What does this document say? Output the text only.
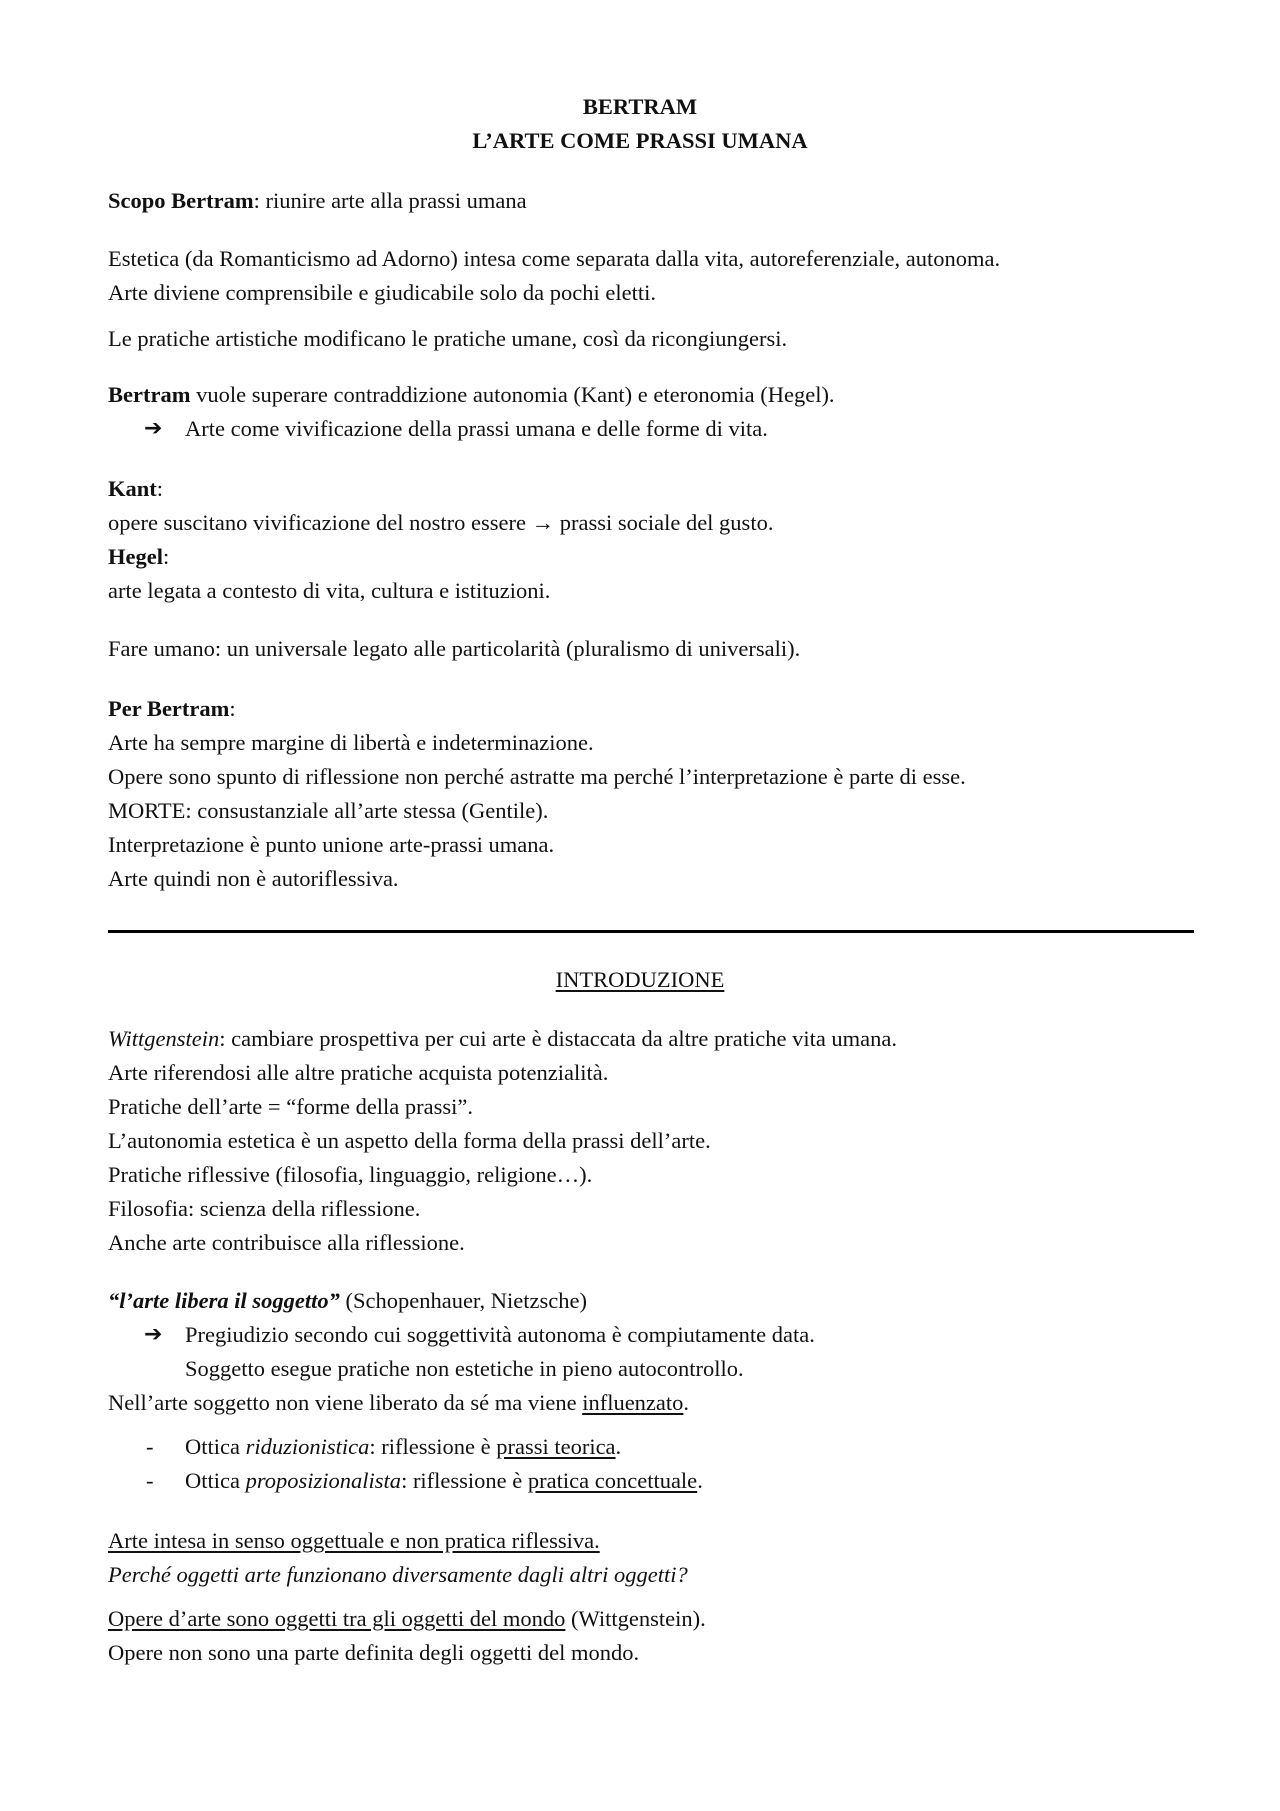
BERTRAM
L’ARTE COME PRASSI UMANA
Scopo Bertram: riunire arte alla prassi umana
Estetica (da Romanticismo ad Adorno) intesa come separata dalla vita, autoreferenziale, autonoma.
Arte diviene comprensibile e giudicabile solo da pochi eletti.
Le pratiche artistiche modificano le pratiche umane, così da ricongiungersi.
Bertram vuole superare contraddizione autonomia (Kant) e eteronomia (Hegel).
➔ Arte come vivificazione della prassi umana e delle forme di vita.
Kant:
opere suscitano vivificazione del nostro essere → prassi sociale del gusto.
Hegel:
arte legata a contesto di vita, cultura e istituzioni.
Fare umano: un universale legato alle particolarità (pluralismo di universali).
Per Bertram:
Arte ha sempre margine di libertà e indeterminazione.
Opere sono spunto di riflessione non perché astratte ma perché l’interpretazione è parte di esse.
MORTE: consustanziale all’arte stessa (Gentile).
Interpretazione è punto unione arte-prassi umana.
Arte quindi non è autoriflessiva.
INTRODUZIONE
Wittgenstein: cambiare prospettiva per cui arte è distaccata da altre pratiche vita umana.
Arte riferendosi alle altre pratiche acquista potenzialità.
Pratiche dell’arte = “forme della prassi”.
L’autonomia estetica è un aspetto della forma della prassi dell’arte.
Pratiche riflessive (filosofia, linguaggio, religione…).
Filosofia: scienza della riflessione.
Anche arte contribuisce alla riflessione.
“l’arte libera il soggetto” (Schopenhauer, Nietzsche)
➔ Pregiudizio secondo cui soggettività autonoma è compiutamente data.
Soggetto esegue pratiche non estetiche in pieno autocontrollo.
Nell’arte soggetto non viene liberato da sé ma viene influenzato.
- Ottica riduzionistica: riflessione è prassi teorica.
- Ottica proposizionalista: riflessione è pratica concettuale.
Arte intesa in senso oggettuale e non pratica riflessiva.
Perché oggetti arte funzionano diversamente dagli altri oggetti?
Opere d’arte sono oggetti tra gli oggetti del mondo (Wittgenstein).
Opere non sono una parte definita degli oggetti del mondo.
